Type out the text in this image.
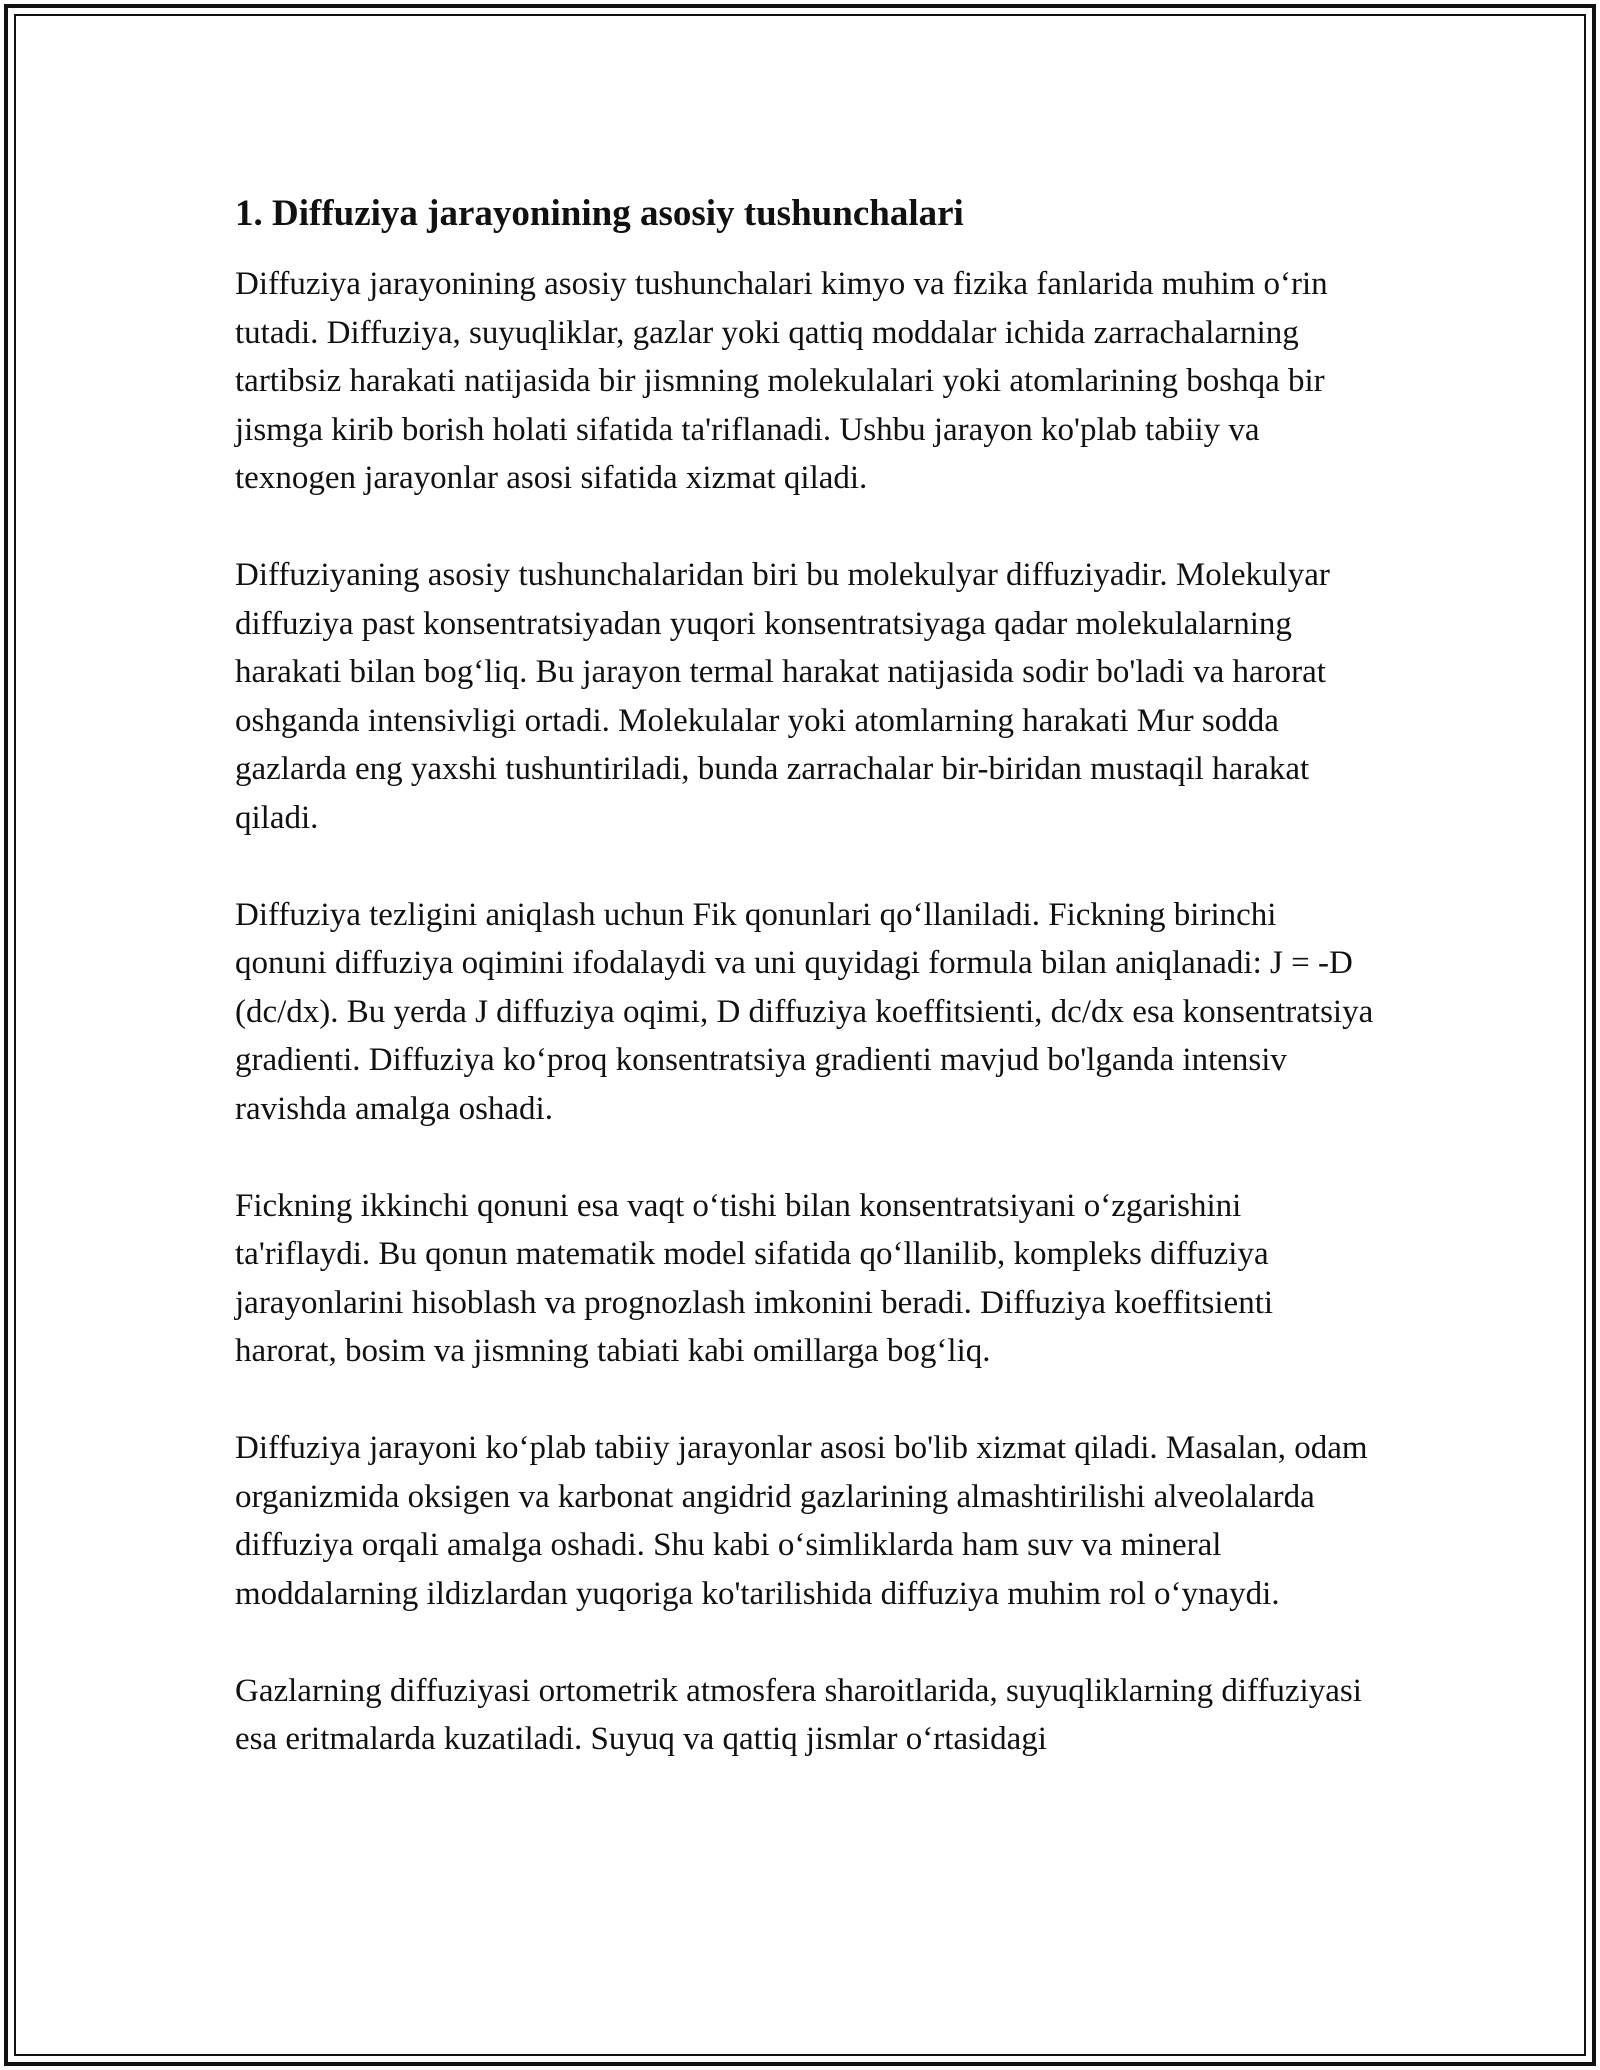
1. Diffuziya jarayonining asosiy tushunchalari

Diffuziya jarayonining asosiy tushunchalari kimyo va fizika fanlarida muhim o‘rin tutadi. Diffuziya, suyuqliklar, gazlar yoki qattiq moddalar ichida zarrachalarning tartibsiz harakati natijasida bir jismning molekulalari yoki atomlarining boshqa bir jismga kirib borish holati sifatida ta'riflanadi. Ushbu jarayon ko'plab tabiiy va texnogen jarayonlar asosi sifatida xizmat qiladi.

Diffuziyaning asosiy tushunchalaridan biri bu molekulyar diffuziyadir. Molekulyar diffuziya past konsentratsiyadan yuqori konsentratsiyaga qadar molekulalarning harakati bilan bog‘liq. Bu jarayon termal harakat natijasida sodir bo'ladi va harorat oshganda intensivligi ortadi. Molekulalar yoki atomlarning harakati Mur sodda gazlarda eng yaxshi tushuntiriladi, bunda zarrachalar bir-biridan mustaqil harakat qiladi.

Diffuziya tezligini aniqlash uchun Fik qonunlari qo‘llaniladi. Fickning birinchi qonuni diffuziya oqimini ifodalaydi va uni quyidagi formula bilan aniqlanadi: J = -D (dc/dx). Bu yerda J diffuziya oqimi, D diffuziya koeffitsienti, dc/dx esa konsentratsiya gradienti. Diffuziya ko‘proq konsentratsiya gradienti mavjud bo'lganda intensiv ravishda amalga oshadi.

Fickning ikkinchi qonuni esa vaqt o‘tishi bilan konsentratsiyani o‘zgarishini ta'riflaydi. Bu qonun matematik model sifatida qo‘llanilib, kompleks diffuziya jarayonlarini hisoblash va prognozlash imkonini beradi. Diffuziya koeffitsienti harorat, bosim va jismning tabiati kabi omillarga bog‘liq.

Diffuziya jarayoni ko‘plab tabiiy jarayonlar asosi bo'lib xizmat qiladi. Masalan, odam organizmida oksigen va karbonat angidrid gazlarining almashtirilishi alveolalarda diffuziya orqali amalga oshadi. Shu kabi o‘simliklarda ham suv va mineral moddalarning ildizlardan yuqoriga ko'tarilishida diffuziya muhim rol o‘ynaydi.

Gazlarning diffuziyasi ortometrik atmosfera sharoitlarida, suyuqliklarning diffuziyasi esa eritmalarda kuzatiladi. Suyuq va qattiq jismlar o‘rtasidagi
